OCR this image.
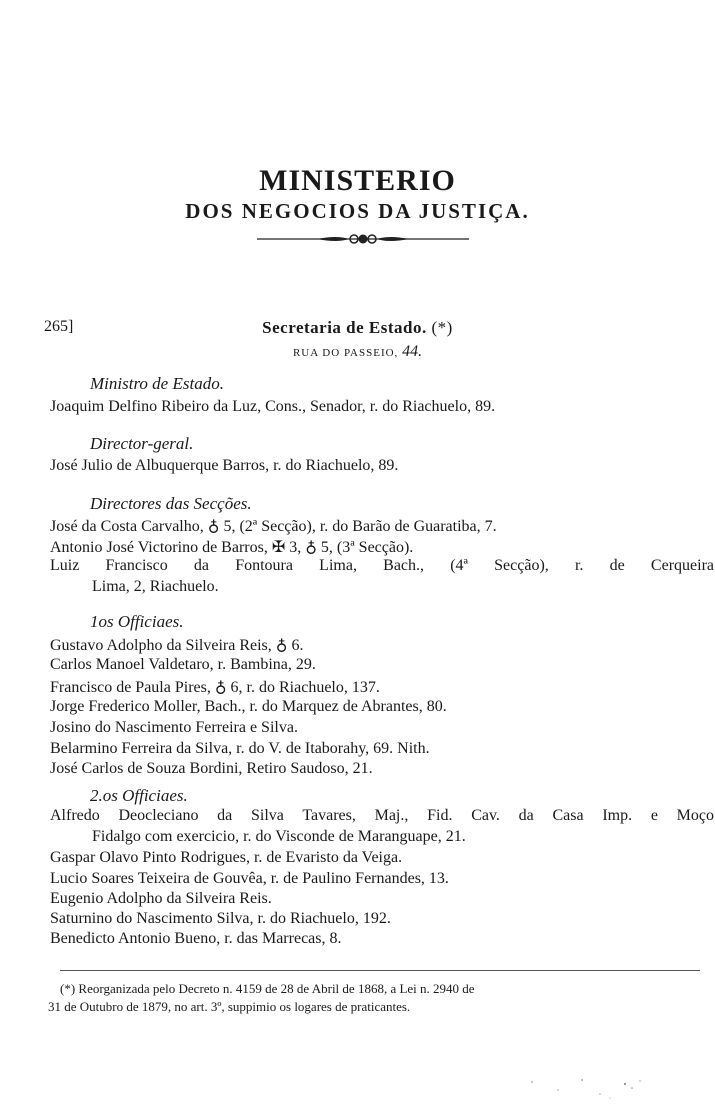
MINISTERIO
DOS NEGOCIOS DA JUSTIÇA.
265]	Secretaria de Estado. (*)
RUA DO PASSEIO, 44.
Ministro de Estado.
Joaquim Delfino Ribeiro da Luz, Cons., Senador, r. do Riachuelo, 89.
Director-geral.
José Julio de Albuquerque Barros, r. do Riachuelo, 89.
Directores das Secções.
José da Costa Carvalho, ♁ 5, (2ª Secção), r. do Barão de Guaratiba, 7.
Antonio José Victorino de Barros, ✠ 3, ♁ 5, (3ª Secção).
Luiz Francisco da Fontoura Lima, Bach., (4ª Secção), r. de Cerqueira
Lima, 2, Riachuelo.
1os Officiaes.
Gustavo Adolpho da Silveira Reis, ♁ 6.
Carlos Manoel Valdetaro, r. Bambina, 29.
Francisco de Paula Pires, ♁ 6, r. do Riachuelo, 137.
Jorge Frederico Moller, Bach., r. do Marquez de Abrantes, 80.
Josino do Nascimento Ferreira e Silva.
Belarmino Ferreira da Silva, r. do V. de Itaborahy, 69. Nith.
José Carlos de Souza Bordini, Retiro Saudoso, 21.
2.os Officiaes.
Alfredo Deocleciano da Silva Tavares, Maj., Fid. Cav. da Casa Imp. e Moço
Fidalgo com exercicio, r. do Visconde de Maranguape, 21.
Gaspar Olavo Pinto Rodrigues, r. de Evaristo da Veiga.
Lucio Soares Teixeira de Gouvêa, r. de Paulino Fernandes, 13.
Eugenio Adolpho da Silveira Reis.
Saturnino do Nascimento Silva, r. do Riachuelo, 192.
Benedicto Antonio Bueno, r. das Marrecas, 8.
(*) Reorganizada pelo Decreto n. 4159 de 28 de Abril de 1868, a Lei n. 2940 de
31 de Outubro de 1879, no art. 3º, suppimio os logares de praticantes.
